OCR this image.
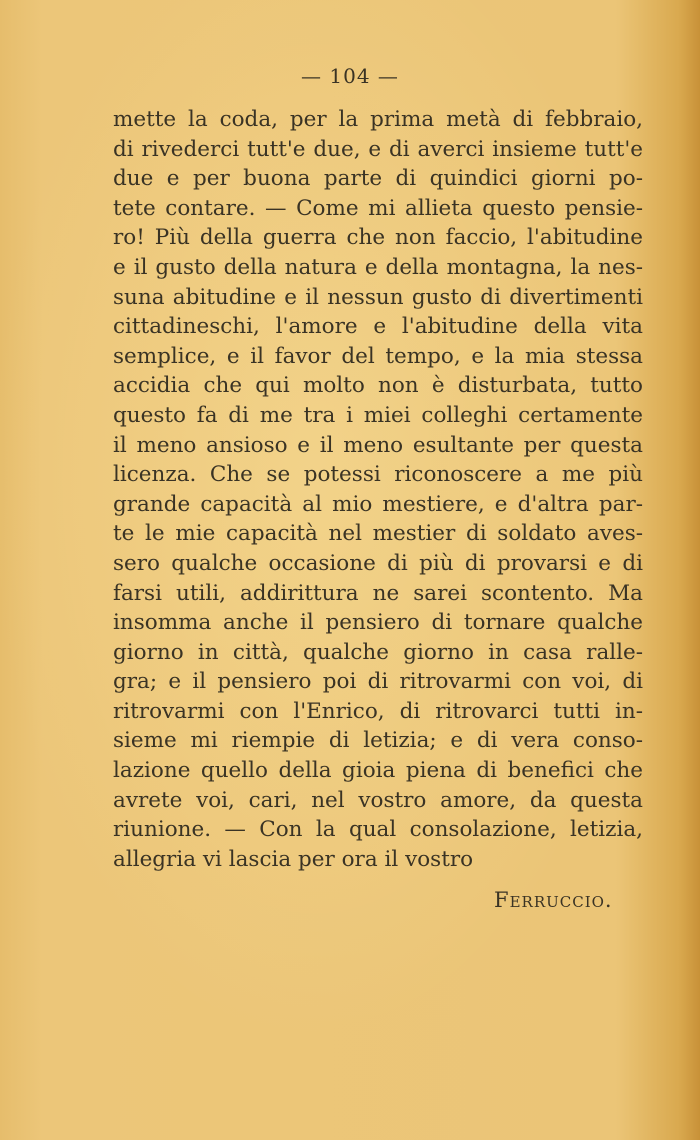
— 104 —
mette la coda, per la prima metà di febbraio,
di rivederci tutt'e due, e di averci insieme tutt'e
due e per buona parte di quindici giorni po-
tete contare. — Come mi allieta questo pensie-
ro! Più della guerra che non faccio, l'abitudine
e il gusto della natura e della montagna, la nes-
suna abitudine e il nessun gusto di divertimenti
cittadineschi, l'amore e l'abitudine della vita
semplice, e il favor del tempo, e la mia stessa
accidia che qui molto non è disturbata, tutto
questo fa di me tra i miei colleghi certamente
il meno ansioso e il meno esultante per questa
licenza. Che se potessi riconoscere a me più
grande capacità al mio mestiere, e d'altra par-
te le mie capacità nel mestier di soldato aves-
sero qualche occasione di più di provarsi e di
farsi utili, addirittura ne sarei scontento. Ma
insomma anche il pensiero di tornare qualche
giorno in città, qualche giorno in casa ralle-
gra; e il pensiero poi di ritrovarmi con voi, di
ritrovarmi con l'Enrico, di ritrovarci tutti in-
sieme mi riempie di letizia; e di vera conso-
lazione quello della gioia piena di benefici che
avrete voi, cari, nel vostro amore, da questa
riunione. — Con la qual consolazione, letizia,
allegria vi lascia per ora il vostro
Ferruccio.
